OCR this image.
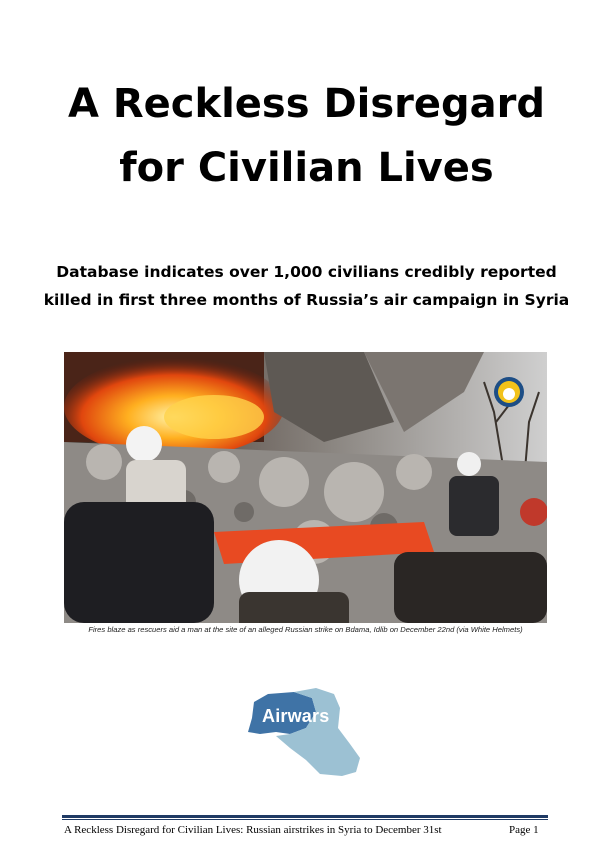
A Reckless Disregard
for Civilian Lives
Database indicates over 1,000 civilians credibly reported
killed in first three months of Russia’s air campaign in Syria
Fires blaze as rescuers aid a man at the site of an alleged Russian strike on Bdama, Idlib on December 22nd (via White Helmets)
Airwars
A Reckless Disregard for Civilian Lives: Russian airstrikes in Syria to December 31st	Page 1
